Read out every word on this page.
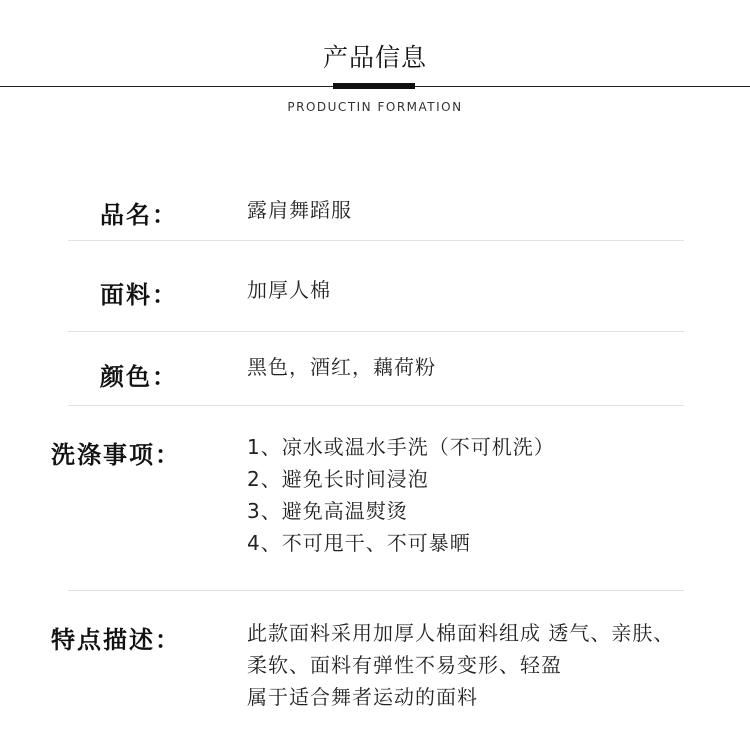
产品信息
PRODUCTIN FORMATION
品名：	露肩舞蹈服
面料：	加厚人棉
颜色：	黑色，酒红，藕荷粉
洗涤事项：	1、凉水或温水手洗（不可机洗）
2、避免长时间浸泡
3、避免高温熨烫
4、不可甩干、不可暴晒
特点描述：	此款面料采用加厚人棉面料组成 透气、亲肤、
柔软、面料有弹性不易变形、轻盈
属于适合舞者运动的面料
